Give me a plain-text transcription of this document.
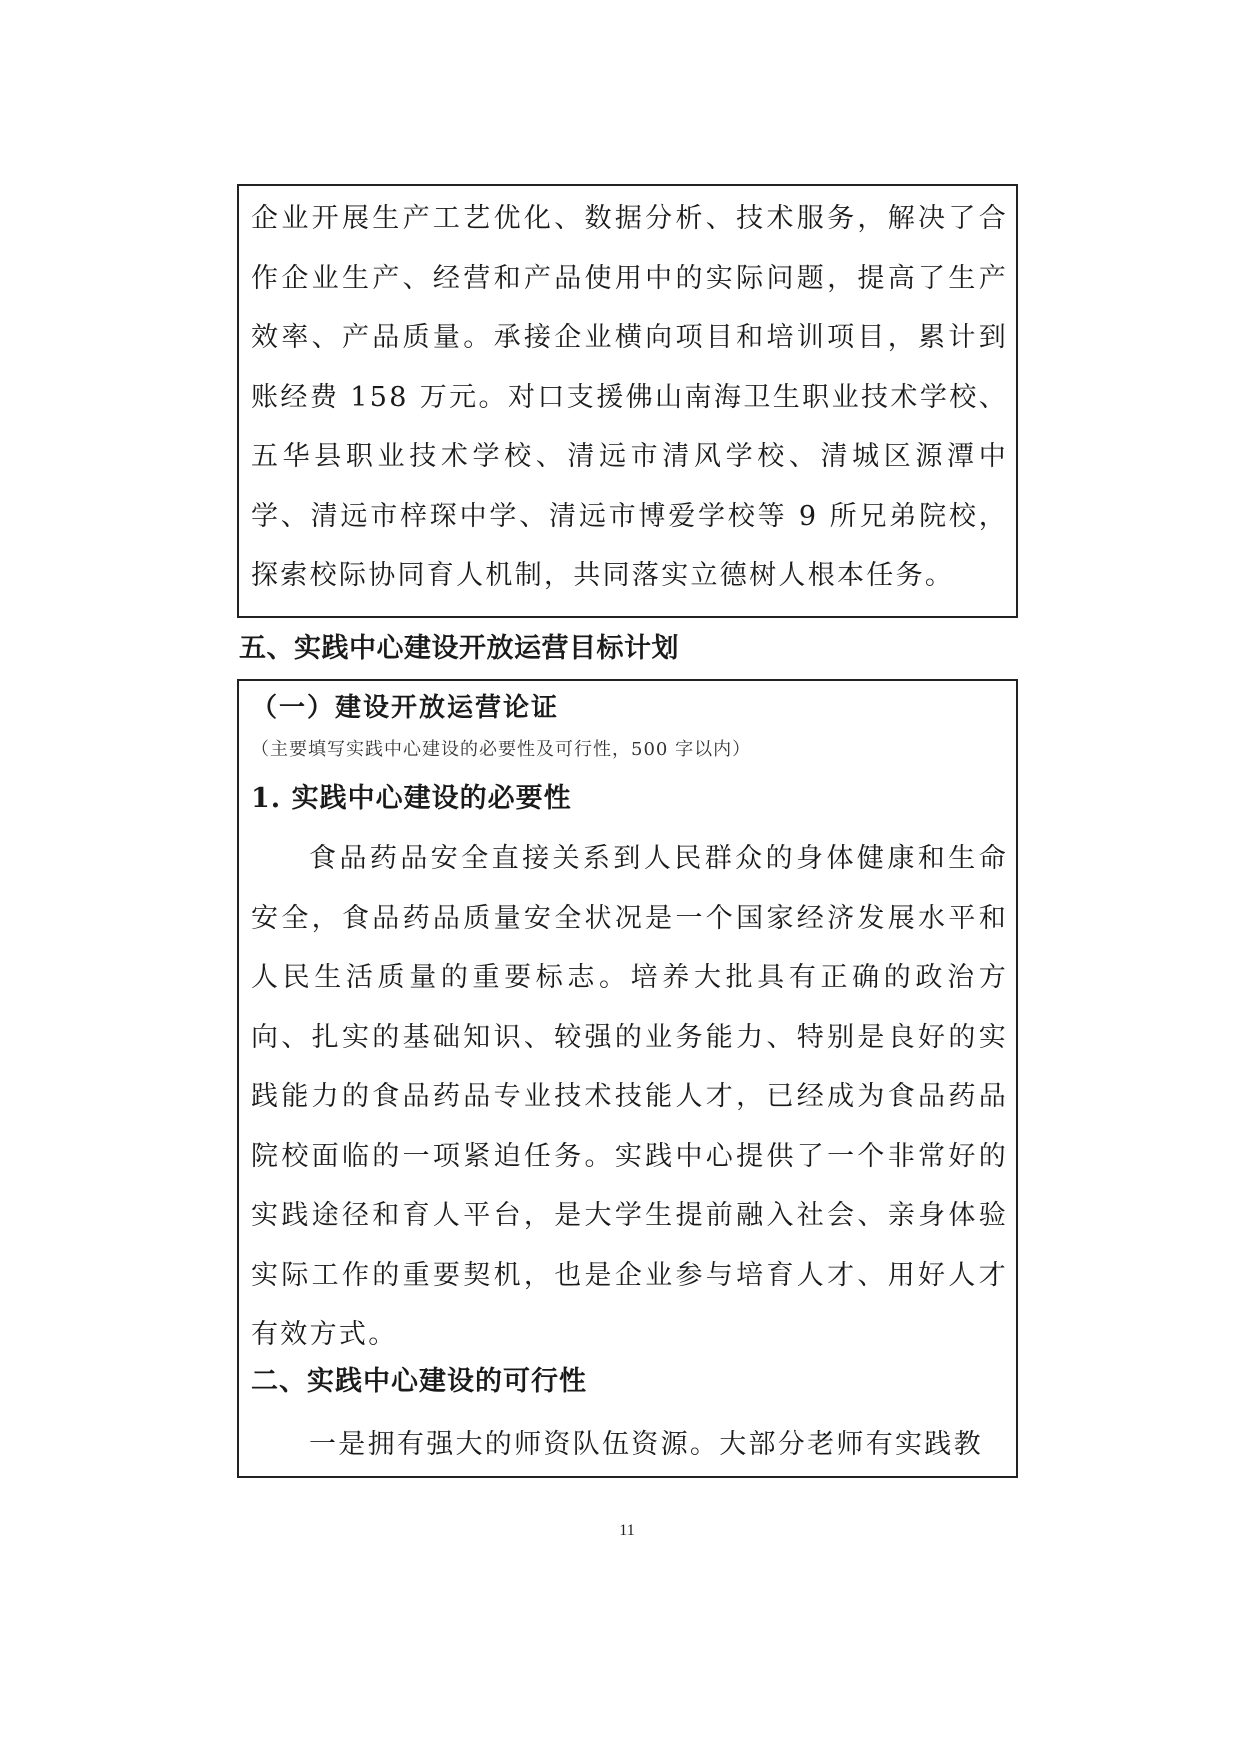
企业开展生产工艺优化、数据分析、技术服务，解决了合作企业生产、经营和产品使用中的实际问题，提高了生产效率、产品质量。承接企业横向项目和培训项目，累计到账经费 158 万元。对口支援佛山南海卫生职业技术学校、五华县职业技术学校、清远市清风学校、清城区源潭中学、清远市梓琛中学、清远市博爱学校等 9 所兄弟院校，探索校际协同育人机制，共同落实立德树人根本任务。

五、实践中心建设开放运营目标计划
（一）建设开放运营论证

（主要填写实践中心建设的必要性及可行性，500 字以内）

1. 实践中心建设的必要性

食品药品安全直接关系到人民群众的身体健康和生命安全，食品药品质量安全状况是一个国家经济发展水平和人民生活质量的重要标志。培养大批具有正确的政治方向、扎实的基础知识、较强的业务能力、特别是良好的实践能力的食品药品专业技术技能人才，已经成为食品药品院校面临的一项紧迫任务。实践中心提供了一个非常好的实践途径和育人平台，是大学生提前融入社会、亲身体验实际工作的重要契机，也是企业参与培育人才、用好人才有效方式。

二、实践中心建设的可行性

一是拥有强大的师资队伍资源。大部分老师有实践教

11
